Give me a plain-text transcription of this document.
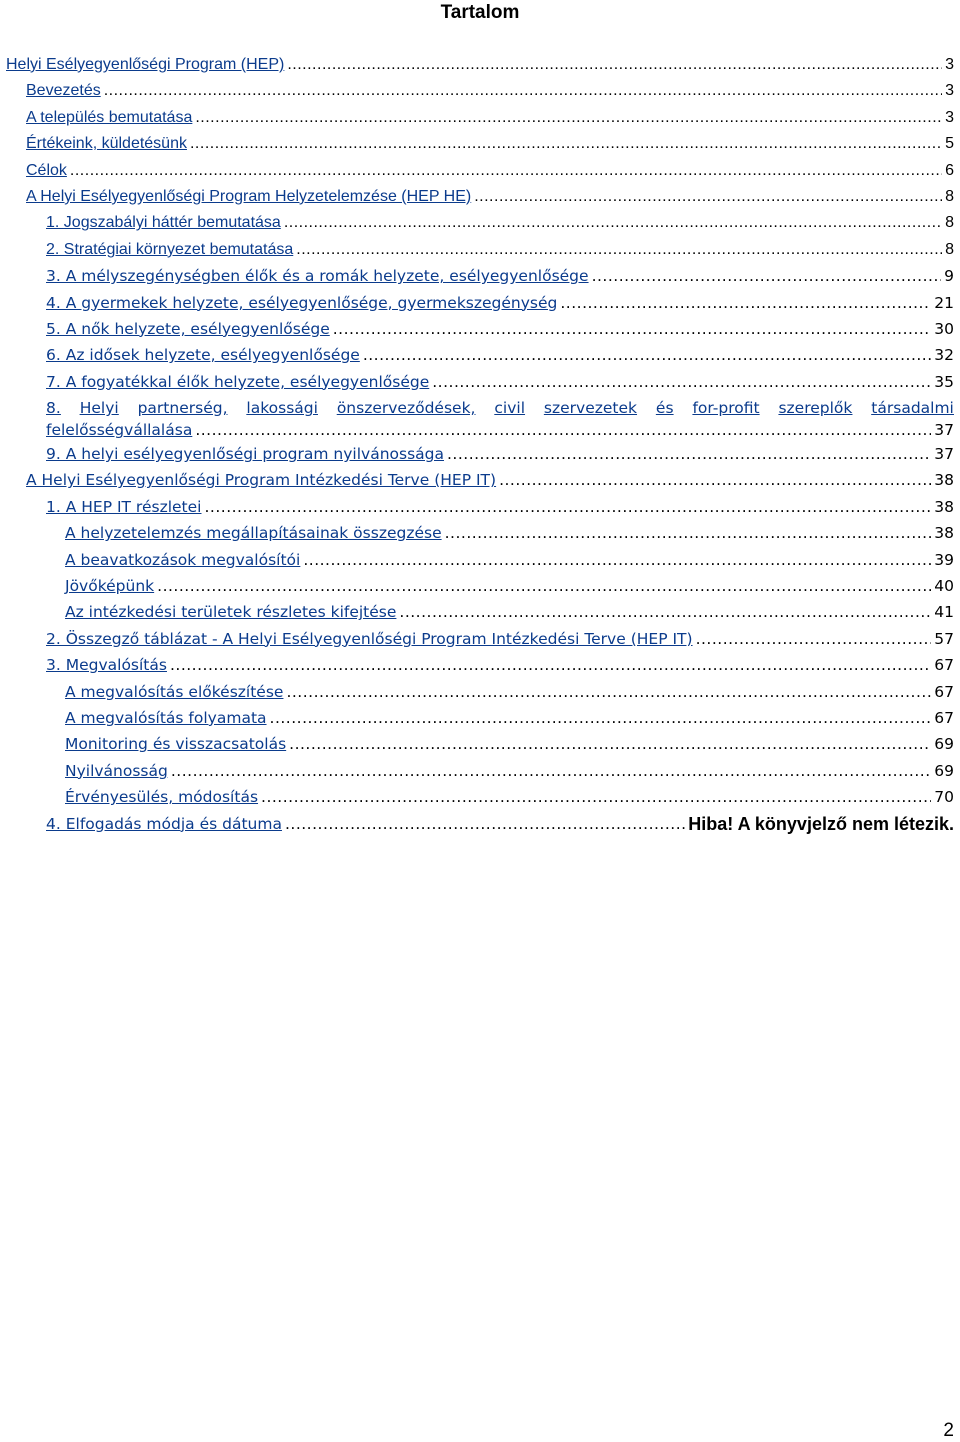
Tartalom
Helyi Esélyegyenlőségi Program (HEP) .....	3
Bevezetés .....	3
A település bemutatása .....	3
Értékeink, küldetésünk .....	5
Célok .....	6
A Helyi Esélyegyenlőségi Program Helyzetelemzése (HEP HE) .....	8
1. Jogszabályi háttér bemutatása .....	8
2. Stratégiai környezet bemutatása .....	8
3. A mélyszegénységben élők és a romák helyzete, esélyegyenlősége .....	9
4. A gyermekek helyzete, esélyegyenlősége, gyermekszegénység .....	21
5. A nők helyzete, esélyegyenlősége .....	30
6. Az idősek helyzete, esélyegyenlősége .....	32
7. A fogyatékkal élők helyzete, esélyegyenlősége .....	35
8. Helyi partnerség, lakossági önszerveződések, civil szervezetek és for-profit szereplők társadalmi
felelősségvállalása .....	37
9. A helyi esélyegyenlőségi program nyilvánossága .....	37
A Helyi Esélyegyenlőségi Program Intézkedési Terve (HEP IT) .....	38
1. A HEP IT részletei .....	38
A helyzetelemzés megállapításainak összegzése .....	38
A beavatkozások megvalósítói .....	39
Jövőképünk .....	40
Az intézkedési területek részletes kifejtése .....	41
2. Összegző táblázat - A Helyi Esélyegyenlőségi Program Intézkedési Terve (HEP IT) .....	57
3. Megvalósítás .....	67
A megvalósítás előkészítése .....	67
A megvalósítás folyamata .....	67
Monitoring és visszacsatolás .....	69
Nyilvánosság .....	69
Érvényesülés, módosítás .....	70
4. Elfogadás módja és dátuma .....	Hiba! A könyvjelző nem létezik.
2
